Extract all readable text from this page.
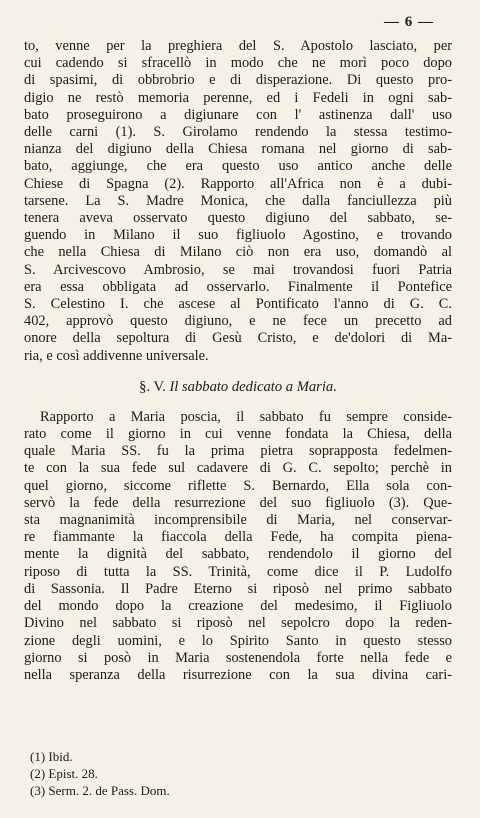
— 6 —
to, venne per la preghiera del S. Apostolo lasciato, per
cui cadendo si sfracellò in modo che ne morì poco dopo
di spasimi, di obbrobrio e di disperazione. Di questo pro-
digio ne restò memoria perenne, ed i Fedeli in ogni sab-
bato proseguirono a digiunare con l' astinenza dall' uso
delle carni (1). S. Girolamo rendendo la stessa testimo-
nianza del digiuno della Chiesa romana nel giorno di sab-
bato, aggiunge, che era questo uso antico anche delle
Chiese di Spagna (2). Rapporto all'Africa non è a dubi-
tarsene. La S. Madre Monica, che dalla fanciullezza più
tenera aveva osservato questo digiuno del sabbato, se-
guendo in Milano il suo figliuolo Agostino, e trovando
che nella Chiesa di Milano ciò non era uso, domandò al
S. Arcivescovo Ambrosio, se mai trovandosi fuori Patria
era essa obbligata ad osservarlo. Finalmente il Pontefice
S. Celestino I. che ascese al Pontificato l'anno di G. C.
402, approvò questo digiuno, e ne fece un precetto ad
onore della sepoltura di Gesù Cristo, e de'dolori di Ma-
ria, e così addivenne universale.
§. V. Il sabbato dedicato a Maria.
Rapporto a Maria poscia, il sabbato fu sempre conside-
rato come il giorno in cui venne fondata la Chiesa, della
quale Maria SS. fu la prima pietra soprapposta fedelmen-
te con la sua fede sul cadavere di G. C. sepolto; perchè in
quel giorno, siccome riflette S. Bernardo, Ella sola con-
servò la fede della resurrezione del suo figliuolo (3). Que-
sta magnanimità incomprensibile di Maria, nel conservar-
re fiammante la fiaccola della Fede, ha compita piena-
mente la dignità del sabbato, rendendolo il giorno del
riposo di tutta la SS. Trinità, come dice il P. Ludolfo
di Sassonia. Il Padre Eterno si riposò nel primo sabbato
del mondo dopo la creazione del medesimo, il Figliuolo
Divino nel sabbato si riposò nel sepolcro dopo la reden-
zione degli uomini, e lo Spirito Santo in questo stesso
giorno si posò in Maria sostenendola forte nella fede e
nella speranza della risurrezione con la sua divina cari-
(1) Ibid.
(2) Epist. 28.
(3) Serm. 2. de Pass. Dom.
